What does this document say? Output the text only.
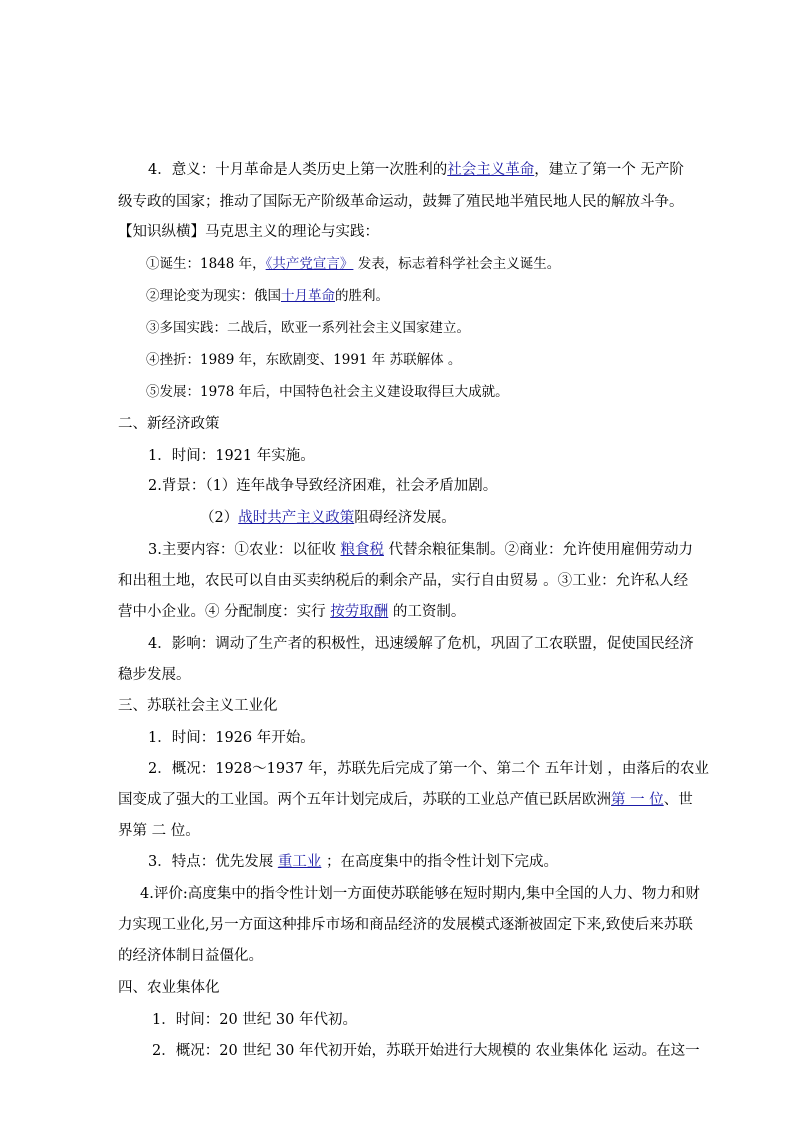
4．意义：十月革命是人类历史上第一次胜利的社会主义革命，建立了第一个 无产阶
级专政的国家；推动了国际无产阶级革命运动，鼓舞了殖民地半殖民地人民的解放斗争。
【知识纵横】马克思主义的理论与实践：
①诞生：1848 年，《共产党宣言》 发表，标志着科学社会主义诞生。
②理论变为现实：俄国十月革命的胜利。
③多国实践：二战后，欧亚一系列社会主义国家建立。
④挫折：1989 年，东欧剧变、1991 年 苏联解体 。
⑤发展：1978 年后，中国特色社会主义建设取得巨大成就。
二、新经济政策
1．时间：1921 年实施。
2.背景：（1）连年战争导致经济困难，社会矛盾加剧。
（2）战时共产主义政策阻碍经济发展。
3.主要内容：①农业：以征收 粮食税 代替余粮征集制。②商业：允许使用雇佣劳动力
和出租土地，农民可以自由买卖纳税后的剩余产品，实行自由贸易 。③工业：允许私人经
营中小企业。④ 分配制度：实行 按劳取酬 的工资制。
4．影响：调动了生产者的积极性，迅速缓解了危机，巩固了工农联盟，促使国民经济
稳步发展。
三、苏联社会主义工业化
1．时间：1926 年开始。
2．概况：1928～1937 年，苏联先后完成了第一个、第二个 五年计划 ，由落后的农业
国变成了强大的工业国。两个五年计划完成后，苏联的工业总产值已跃居欧洲第 一 位、世
界第 二 位。
3．特点：优先发展 重工业 ；在高度集中的指令性计划下完成。
4.评价:高度集中的指令性计划一方面使苏联能够在短时期内,集中全国的人力、物力和财
力实现工业化,另一方面这种排斥市场和商品经济的发展模式逐渐被固定下来,致使后来苏联
的经济体制日益僵化。
四、农业集体化
1．时间：20 世纪 30 年代初。
2．概况：20 世纪 30 年代初开始，苏联开始进行大规模的 农业集体化 运动。在这一
